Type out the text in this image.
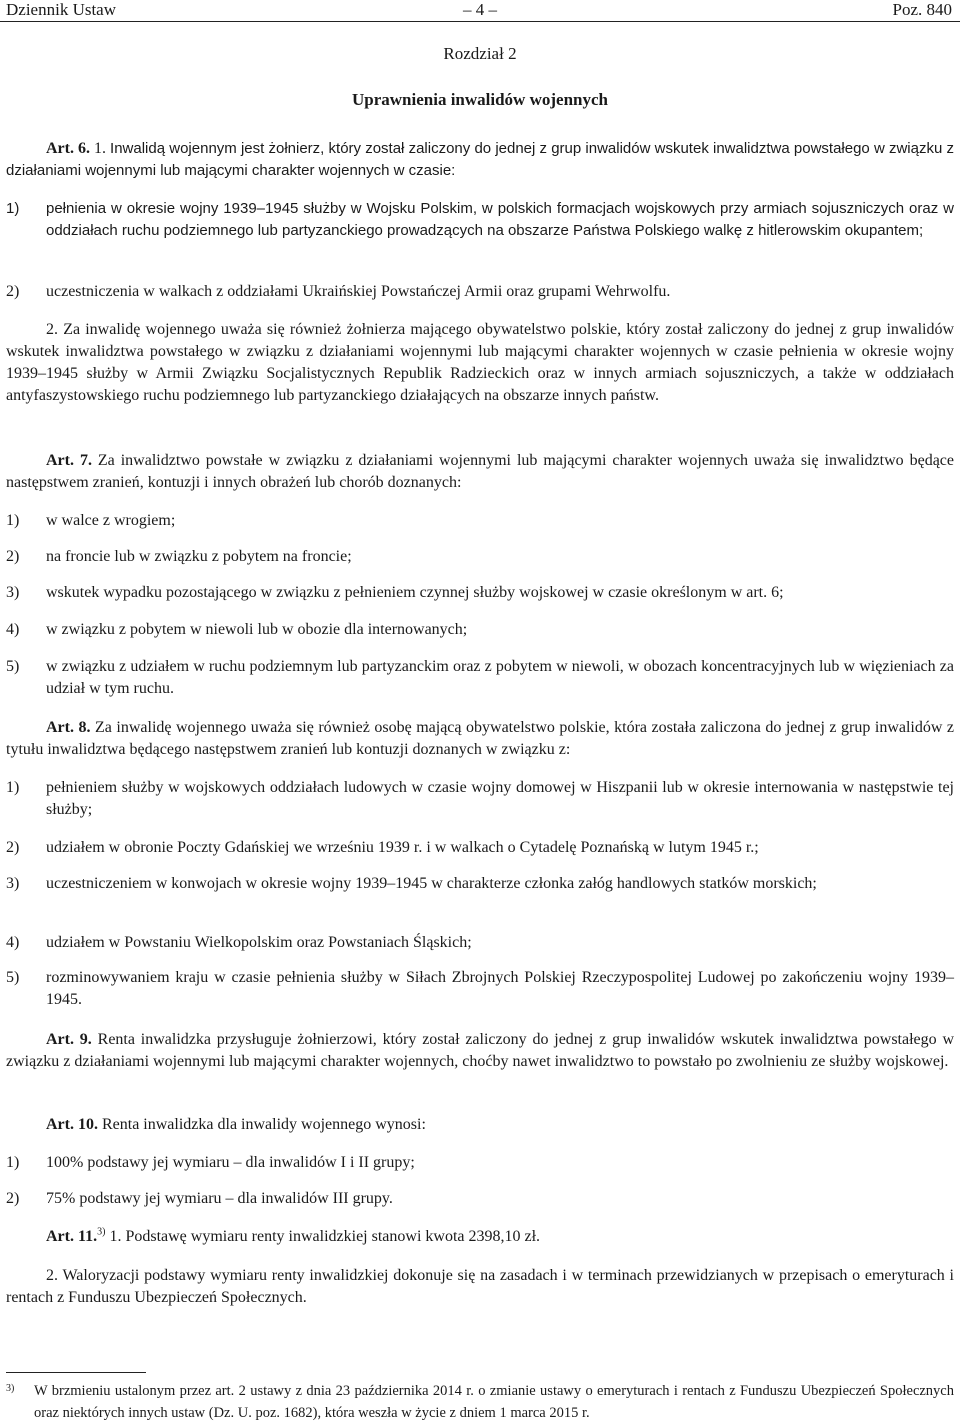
Dziennik Ustaw	– 4 –	Poz. 840
Rozdział 2
Uprawnienia inwalidów wojennych
Art. 6. 1. Inwalidą wojennym jest żołnierz, który został zaliczony do jednej z grup inwalidów wskutek inwalidztwa powstałego w związku z działaniami wojennymi lub mającymi charakter wojennych w czasie:
1) pełnienia w okresie wojny 1939–1945 służby w Wojsku Polskim, w polskich formacjach wojskowych przy armiach sojuszniczych oraz w oddziałach ruchu podziemnego lub partyzanckiego prowadzących na obszarze Państwa Polskiego walkę z hitlerowskim okupantem;
2) uczestniczenia w walkach z oddziałami Ukraińskiej Powstańczej Armii oraz grupami Wehrwolfu.
2. Za inwalidę wojennego uważa się również żołnierza mającego obywatelstwo polskie, który został zaliczony do jednej z grup inwalidów wskutek inwalidztwa powstałego w związku z działaniami wojennymi lub mającymi charakter wojennych w czasie pełnienia w okresie wojny 1939–1945 służby w Armii Związku Socjalistycznych Republik Radzieckich oraz w innych armiach sojuszniczych, a także w oddziałach antyfaszystowskiego ruchu podziemnego lub partyzanckiego działających na obszarze innych państw.
Art. 7. Za inwalidztwo powstałe w związku z działaniami wojennymi lub mającymi charakter wojennych uważa się inwalidztwo będące następstwem zranień, kontuzji i innych obrażeń lub chorób doznanych:
1) w walce z wrogiem;
2) na froncie lub w związku z pobytem na froncie;
3) wskutek wypadku pozostającego w związku z pełnieniem czynnej służby wojskowej w czasie określonym w art. 6;
4) w związku z pobytem w niewoli lub w obozie dla internowanych;
5) w związku z udziałem w ruchu podziemnym lub partyzanckim oraz z pobytem w niewoli, w obozach koncentracyjnych lub w więzieniach za udział w tym ruchu.
Art. 8. Za inwalidę wojennego uważa się również osobę mającą obywatelstwo polskie, która została zaliczona do jednej z grup inwalidów z tytułu inwalidztwa będącego następstwem zranień lub kontuzji doznanych w związku z:
1) pełnieniem służby w wojskowych oddziałach ludowych w czasie wojny domowej w Hiszpanii lub w okresie internowania w następstwie tej służby;
2) udziałem w obronie Poczty Gdańskiej we wrześniu 1939 r. i w walkach o Cytadelę Poznańską w lutym 1945 r.;
3) uczestniczeniem w konwojach w okresie wojny 1939–1945 w charakterze członka załóg handlowych statków morskich;
4) udziałem w Powstaniu Wielkopolskim oraz Powstaniach Śląskich;
5) rozminowywaniem kraju w czasie pełnienia służby w Siłach Zbrojnych Polskiej Rzeczypospolitej Ludowej po zakończeniu wojny 1939–1945.
Art. 9. Renta inwalidzka przysługuje żołnierzowi, który został zaliczony do jednej z grup inwalidów wskutek inwalidztwa powstałego w związku z działaniami wojennymi lub mającymi charakter wojennych, choćby nawet inwalidztwo to powstało po zwolnieniu ze służby wojskowej.
Art. 10. Renta inwalidzka dla inwalidy wojennego wynosi:
1) 100% podstawy jej wymiaru – dla inwalidów I i II grupy;
2) 75% podstawy jej wymiaru – dla inwalidów III grupy.
Art. 11.$^{3)}$ 1. Podstawę wymiaru renty inwalidzkiej stanowi kwota 2398,10 zł.
2. Waloryzacji podstawy wymiaru renty inwalidzkiej dokonuje się na zasadach i w terminach przewidzianych w przepisach o emeryturach i rentach z Funduszu Ubezpieczeń Społecznych.
3) W brzmieniu ustalonym przez art. 2 ustawy z dnia 23 października 2014 r. o zmianie ustawy o emeryturach i rentach z Funduszu Ubezpieczeń Społecznych oraz niektórych innych ustaw (Dz. U. poz. 1682), która weszła w życie z dniem 1 marca 2015 r.
